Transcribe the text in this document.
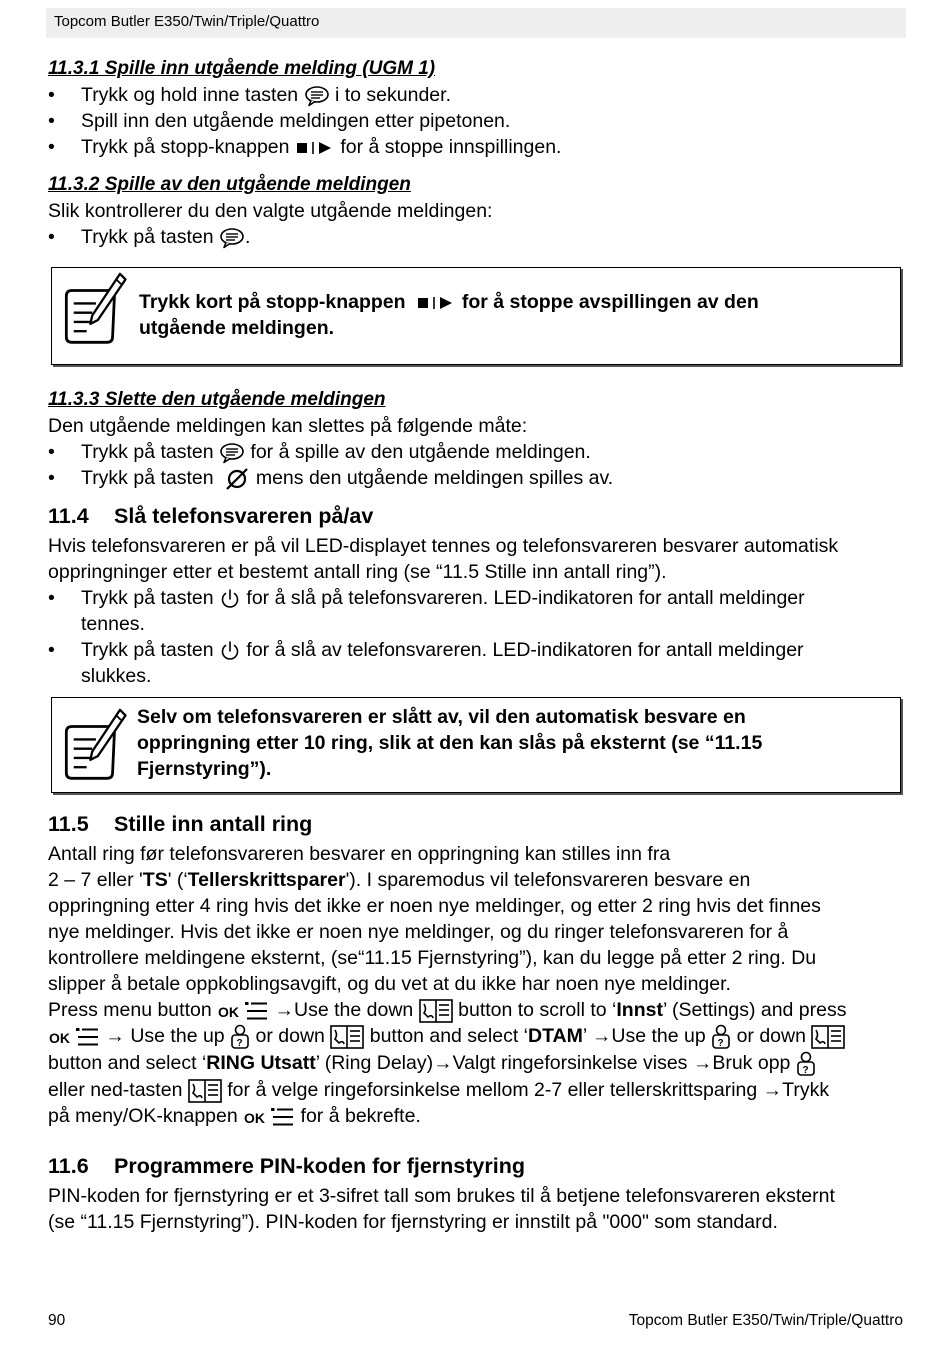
Topcom Butler E350/Twin/Triple/Quattro

11.3.1 Spille inn utgående melding (UGM 1)

• Trykk og hold inne tasten i to sekunder.
• Spill inn den utgående meldingen etter pipetonen.
• Trykk på stopp-knappen	for å stoppe innspillingen.

11.3.2 Spille av den utgående meldingen

Slik kontrollerer du den valgte utgående meldingen:

• Trykk på tasten .
Trykk kort på stopp-knappen	for å stoppe avspillingen av den
utgående meldingen.

11.3.3 Slette den utgående meldingen

Den utgående meldingen kan slettes på følgende måte:

• Trykk på tasten for å spille av den utgående meldingen.
• Trykk på tasten mens den utgående meldingen spilles av.

11.4 Slå telefonsvareren på/av

Hvis telefonsvareren er på vil LED-displayet tennes og telefonsvareren besvarer automatisk
oppringninger etter et bestemt antall ring (se “11.5 Stille inn antall ring”).

• Trykk på tasten for å slå på telefonsvareren. LED-indikatoren for antall meldinger
tennes.
• Trykk på tasten for å slå av telefonsvareren. LED-indikatoren for antall meldinger
slukkes.
Selv om telefonsvareren er slått av, vil den automatisk besvare en
oppringning etter 10 ring, slik at den kan slås på eksternt (se “11.15
Fjernstyring”).

11.5 Stille inn antall ring

Antall ring før telefonsvareren besvarer en oppringning kan stilles inn fra
2 – 7 eller 'TS' (‘Tellerskrittsparer'). I sparemodus vil telefonsvareren besvare en
oppringning etter 4 ring hvis det ikke er noen nye meldinger, og etter 2 ring hvis det finnes
nye meldinger. Hvis det ikke er noen nye meldinger, og du ringer telefonsvareren for å
kontrollere meldingene eksternt, (se“11.15 Fjernstyring”), kan du legge på etter 2 ring. Du
slipper å betale oppkoblingsavgift, og du vet at du ikke har noen nye meldinger.
Press menu button	→Use the down button to scroll to ‘Innst’ (Settings) and press
→ Use the up or down button and select ‘DTAM’ →Use the up or down
button and select ‘RING Utsatt’ (Ring Delay)→Valgt ringeforsinkelse vises →Bruk opp
eller ned-tasten for å velge ringeforsinkelse mellom 2-7 eller tellerskrittsparing →Trykk
på meny/OK-knappen	for å bekrefte.

11.6 Programmere PIN-koden for fjernstyring

PIN-koden for fjernstyring er et 3-sifret tall som brukes til å betjene telefonsvareren eksternt
(se “11.15 Fjernstyring”). PIN-koden for fjernstyring er innstilt på "000" som standard.

90	Topcom Butler E350/Twin/Triple/Quattro
